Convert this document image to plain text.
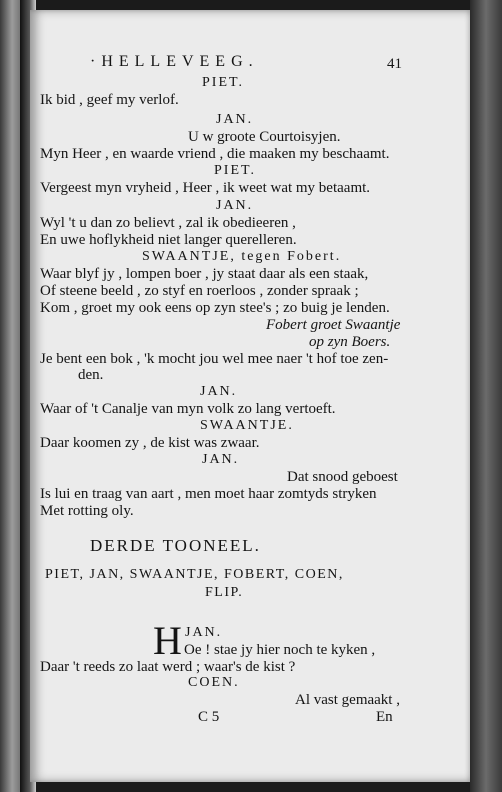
·HELLEVEEG.	41
PIET.
Ik bid , geef my verlof.
JAN.
U w groote Courtoisyjen.
Myn Heer , en waarde vriend , die maaken my beschaamt.
PIET.
Vergeest myn vryheid , Heer , ik weet wat my betaamt.
JAN.
Wyl 't u dan zo believt , zal ik obedieeren ,
En uwe hoflykheid niet langer querelleren.
SWAANTJE, tegen Fobert.
Waar blyf jy , lompen boer , jy staat daar als een staak,
Of steene beeld , zo styf en roerloos , zonder spraak ;
Kom , groet my ook eens op zyn stee's ; zo buig je lenden.
Fobert groet Swaantje
op zyn Boers.
Je bent een bok , 'k mocht jou wel mee naer 't hof toe zen-
den.
JAN.
Waar of 't Canalje van myn volk zo lang vertoeft.
SWAANTJE.
Daar koomen zy , de kist was zwaar.
JAN.
Dat snood geboest
Is lui en traag van aart , men moet haar zomtyds stryken
Met rotting oly.
DERDE TOONEEL.
PIET, JAN, SWAANTJE, FOBERT, COEN,
FLIP.
H JAN.
Oe ! stae jy hier noch te kyken ,
Daar 't reeds zo laat werd ; waar's de kist ?
COEN.
Al vast gemaakt ,
C 5	En
